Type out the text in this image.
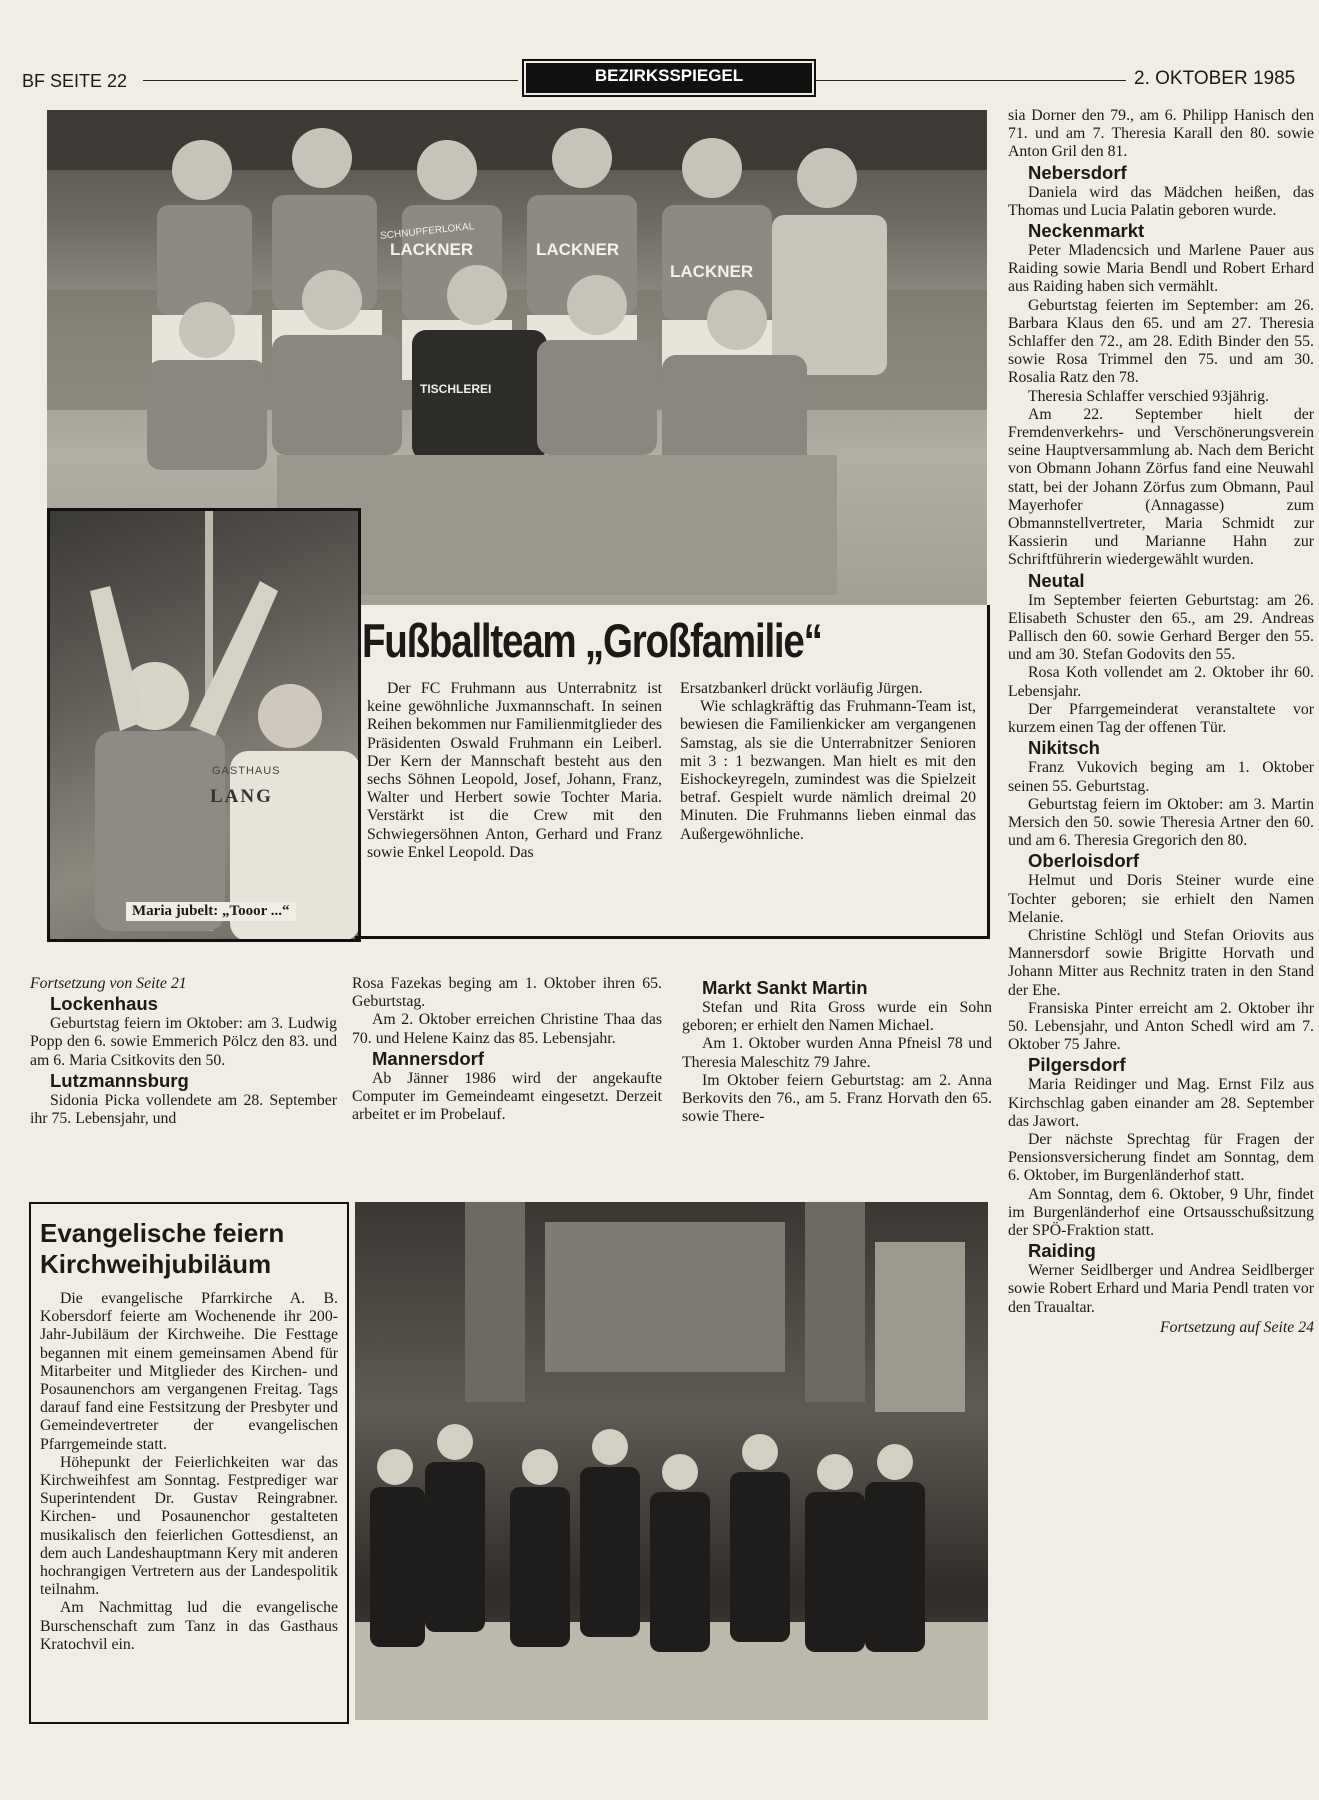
BF SEITE 22	BEZIRKSSPIEGEL	2. OKTOBER 1985
SCHNUPFERLOKAL
LACKNER	LACKNER
LACKNER
TISCHLEREI
GASTHAUS
LANG
Maria jubelt: „Tooor ...“
Fußballteam „Großfamilie“

Der FC Fruhmann aus Unterrabnitz ist keine gewöhnliche Juxmannschaft. In seinen Reihen bekommen nur Familienmitglieder des Präsidenten Oswald Fruhmann ein Leiberl. Der Kern der Mannschaft besteht aus den sechs Söhnen Leopold, Josef, Johann, Franz, Walter und Herbert sowie Tochter Maria. Verstärkt ist die Crew mit den Schwiegersöhnen Anton, Gerhard und Franz sowie Enkel Leopold. Das

Ersatzbankerl drückt vorläufig Jürgen.

Wie schlagkräftig das Fruhmann-Team ist, bewiesen die Familienkicker am vergangenen Samstag, als sie die Unterrabnitzer Senioren mit 3 : 1 bezwangen. Man hielt es mit den Eishockeyregeln, zumindest was die Spielzeit betraf. Gespielt wurde nämlich dreimal 20 Minuten. Die Fruhmanns lieben einmal das Außergewöhnliche.

Fortsetzung von Seite 21

Lockenhaus

Geburtstag feiern im Oktober: am 3. Ludwig Popp den 6. sowie Emmerich Pölcz den 83. und am 6. Maria Csitkovits den 50.

Lutzmannsburg

Sidonia Picka vollendete am 28. September ihr 75. Lebensjahr, und

Rosa Fazekas beging am 1. Oktober ihren 65. Geburtstag.

Am 2. Oktober erreichen Christine Thaa das 70. und Helene Kainz das 85. Lebensjahr.

Mannersdorf

Ab Jänner 1986 wird der angekaufte Computer im Gemeindeamt eingesetzt. Derzeit arbeitet er im Probelauf.

Markt Sankt Martin

Stefan und Rita Gross wurde ein Sohn geboren; er erhielt den Namen Michael.

Am 1. Oktober wurden Anna Pfneisl 78 und Theresia Maleschitz 79 Jahre.

Im Oktober feiern Geburtstag: am 2. Anna Berkovits den 76., am 5. Franz Horvath den 65. sowie There-

Evangelische feiern Kirchweihjubiläum

Die evangelische Pfarrkirche A. B. Kobersdorf feierte am Wochenende ihr 200-Jahr-Jubiläum der Kirchweihe. Die Festtage begannen mit einem gemeinsamen Abend für Mitarbeiter und Mitglieder des Kirchen- und Posaunenchors am vergangenen Freitag. Tags darauf fand eine Festsitzung der Presbyter und Gemeindevertreter der evangelischen Pfarrgemeinde statt.

Höhepunkt der Feierlichkeiten war das Kirchweihfest am Sonntag. Festprediger war Superintendent Dr. Gustav Reingrabner. Kirchen- und Posaunenchor gestalteten musikalisch den feierlichen Gottesdienst, an dem auch Landeshauptmann Kery mit anderen hochrangigen Vertretern aus der Landespolitik teilnahm.

Am Nachmittag lud die evangelische Burschenschaft zum Tanz in das Gasthaus Kratochvil ein.

sia Dorner den 79., am 6. Philipp Hanisch den 71. und am 7. Theresia Karall den 80. sowie Anton Gril den 81.

Nebersdorf

Daniela wird das Mädchen heißen, das Thomas und Lucia Palatin geboren wurde.

Neckenmarkt

Peter Mladencsich und Marlene Pauer aus Raiding sowie Maria Bendl und Robert Erhard aus Raiding haben sich vermählt.

Geburtstag feierten im September: am 26. Barbara Klaus den 65. und am 27. Theresia Schlaffer den 72., am 28. Edith Binder den 55. sowie Rosa Trimmel den 75. und am 30. Rosalia Ratz den 78.

Theresia Schlaffer verschied 93jährig.

Am 22. September hielt der Fremdenverkehrs- und Verschönerungsverein seine Hauptversammlung ab. Nach dem Bericht von Obmann Johann Zörfus fand eine Neuwahl statt, bei der Johann Zörfus zum Obmann, Paul Mayerhofer (Annagasse) zum Obmannstellvertreter, Maria Schmidt zur Kassierin und Marianne Hahn zur Schriftführerin wiedergewählt wurden.

Neutal

Im September feierten Geburtstag: am 26. Elisabeth Schuster den 65., am 29. Andreas Pallisch den 60. sowie Gerhard Berger den 55. und am 30. Stefan Godovits den 55.

Rosa Koth vollendet am 2. Oktober ihr 60. Lebensjahr.

Der Pfarrgemeinderat veranstaltete vor kurzem einen Tag der offenen Tür.

Nikitsch

Franz Vukovich beging am 1. Oktober seinen 55. Geburtstag.

Geburtstag feiern im Oktober: am 3. Martin Mersich den 50. sowie Theresia Artner den 60. und am 6. Theresia Gregorich den 80.

Oberloisdorf

Helmut und Doris Steiner wurde eine Tochter geboren; sie erhielt den Namen Melanie.

Christine Schlögl und Stefan Oriovits aus Mannersdorf sowie Brigitte Horvath und Johann Mitter aus Rechnitz traten in den Stand der Ehe.

Fransiska Pinter erreicht am 2. Oktober ihr 50. Lebensjahr, und Anton Schedl wird am 7. Oktober 75 Jahre.

Pilgersdorf

Maria Reidinger und Mag. Ernst Filz aus Kirchschlag gaben einander am 28. September das Jawort.

Der nächste Sprechtag für Fragen der Pensionsversicherung findet am Sonntag, dem 6. Oktober, im Burgenländerhof statt.

Am Sonntag, dem 6. Oktober, 9 Uhr, findet im Burgenländerhof eine Ortsausschußsitzung der SPÖ-Fraktion statt.

Raiding

Werner Seidlberger und Andrea Seidlberger sowie Robert Erhard und Maria Pendl traten vor den Traualtar.

Fortsetzung auf Seite 24
